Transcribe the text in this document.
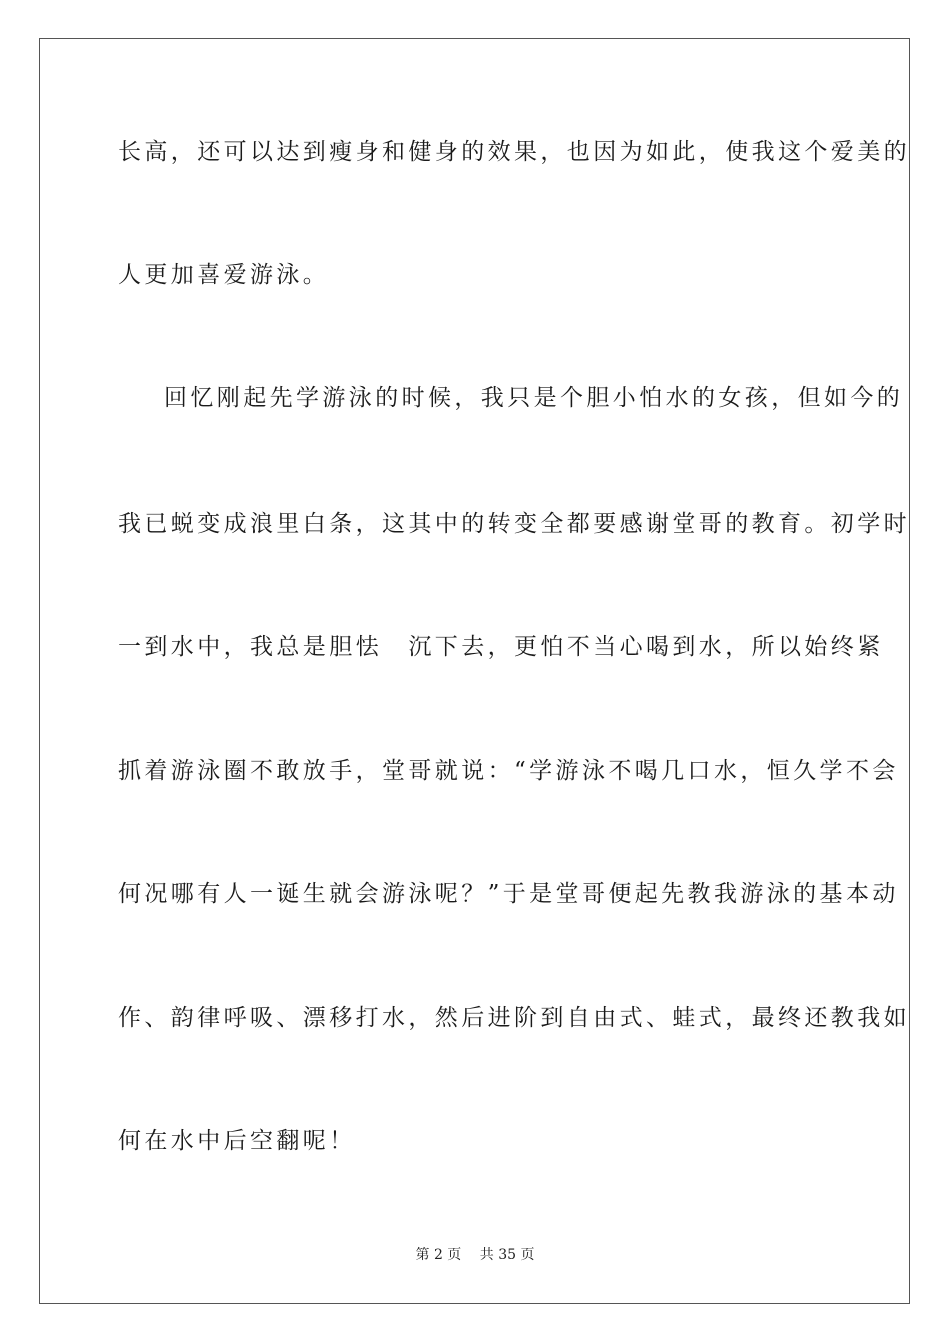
长高，还可以达到瘦身和健身的效果，也因为如此，使我这个爱美的
人更加喜爱游泳。
回忆刚起先学游泳的时候，我只是个胆小怕水的女孩，但如今的
我已蜕变成浪里白条，这其中的转变全都要感谢堂哥的教育。初学时
一到水中，我总是胆怯　沉下去，更怕不当心喝到水，所以始终紧
抓着游泳圈不敢放手，堂哥就说：“学游泳不喝几口水，恒久学不会
何况哪有人一诞生就会游泳呢？”于是堂哥便起先教我游泳的基本动
作、韵律呼吸、漂移打水，然后进阶到自由式、蛙式，最终还教我如
何在水中后空翻呢！
第 2 页　 共 35 页
